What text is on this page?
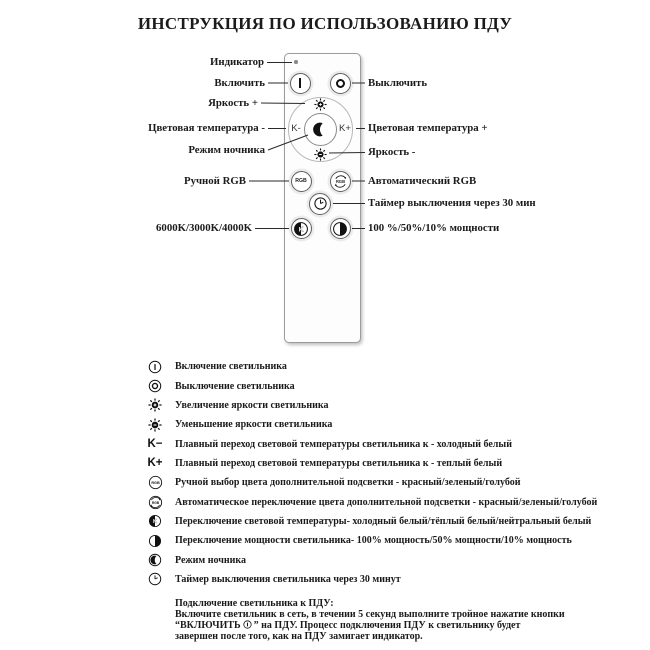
ИНСТРУКЦИЯ ПО ИСПОЛЬЗОВАНИЮ ПДУ
K-	K+
RGB	RGB
K
Индикатор
Включить
Яркость +
Цветовая температура -
Режим ночника
Ручной RGB
6000K/3000K/4000K
Выключить
Цветовая температура +
Яркость -
Автоматический RGB
Таймер выключения через 30 мин
100 %/50%/10% мощности
Включение светильника
Выключение светильника
Увеличение яркости светильника
Уменьшение яркости светильника
K− Плавный переход световой температуры светильника к - холодный белый
K+ Плавный переход световой температуры светильника к - теплый белый
RGB Ручной выбор цвета дополнительной подсветки - красный/зеленый/голубой
RGB Автоматическое переключение цвета дополнительной подсветки - красный/зеленый/голубой
K Переключение световой температуры- холодный белый/тёплый белый/нейтральный белый
Переключение мощности светильника- 100% мощность/50% мощности/10% мощность
Режим ночника
Таймер выключения светильника через 30 минут
Подключение светильника к ПДУ:
Включите светильник в сеть, в течении 5 секунд выполните тройное нажатие кнопки
“ВКЛЮЧИТЬ ” на ПДУ. Процесс подключения ПДУ к светильнику будет
завершен после того, как на ПДУ замигает индикатор.
